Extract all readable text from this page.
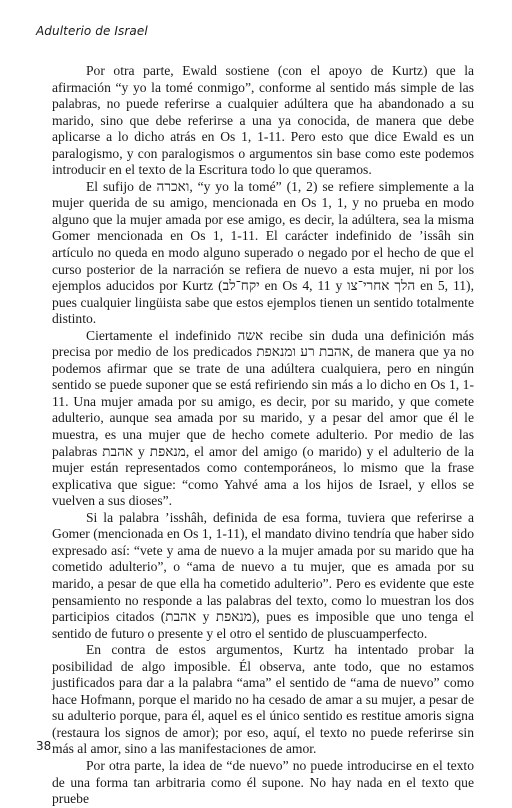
Adulterio de Israel

Por otra parte, Ewald sostiene (con el apoyo de Kurtz) que la afirmación “y yo la tomé conmigo”, conforme al sentido más simple de las palabras, no puede referirse a cualquier adúltera que ha abandonado a su marido, sino que debe referirse a una ya conocida, de manera que debe aplicarse a lo dicho atrás en Os 1, 1-11. Pero esto que dice Ewald es un paralogismo, y con paralogismos o argumentos sin base como este podemos introducir en el texto de la Escritura todo lo que queramos.

El sufijo de ‏ואכרה‎, “y yo la tomé” (1, 2) se refiere simplemente a la mujer querida de su amigo, mencionada en Os 1, 1, y no prueba en modo alguno que la mujer amada por ese amigo, es decir, la adúltera, sea la misma Gomer mencionada en Os 1, 1-11. El carácter indefinido de ’issâh sin artículo no queda en modo alguno superado o negado por el hecho de que el curso posterior de la narración se refiera de nuevo a esta mujer, ni por los ejemplos aducidos por Kurtz (‏יקח־לב‎ en Os 4, 11 y ‏הלך אחרי־צו‎ en 5, 11), pues cualquier lingüista sabe que estos ejemplos tienen un sentido totalmente distinto.

Ciertamente el indefinido ‏אשה‎ recibe sin duda una definición más precisa por medio de los predicados ‏אהבת רע ומנאפת‎, de manera que ya no podemos afirmar que se trate de una adúltera cualquiera, pero en ningún sentido se puede suponer que se está refiriendo sin más a lo dicho en Os 1, 1-11. Una mujer amada por su amigo, es decir, por su marido, y que comete adulterio, aunque sea amada por su marido, y a pesar del amor que él le muestra, es una mujer que de hecho comete adulterio. Por medio de las palabras ‏אהבת‎ y ‏מנאפת‎, el amor del amigo (o marido) y el adulterio de la mujer están representados como contemporáneos, lo mismo que la frase explicativa que sigue: “como Yahvé ama a los hijos de Israel, y ellos se vuelven a sus dioses”.

Si la palabra ’isshâh, definida de esa forma, tuviera que referirse a Gomer (mencionada en Os 1, 1-11), el mandato divino tendría que haber sido expresado así: “vete y ama de nuevo a la mujer amada por su marido que ha cometido adulterio”, o “ama de nuevo a tu mujer, que es amada por su marido, a pesar de que ella ha cometido adulterio”. Pero es evidente que este pensamiento no responde a las palabras del texto, como lo muestran los dos participios citados (‏אהבת‎ y ‏מנאפת‎), pues es imposible que uno tenga el sentido de futuro o presente y el otro el sentido de pluscuamperfecto.

En contra de estos argumentos, Kurtz ha intentado probar la posibilidad de algo imposible. Él observa, ante todo, que no estamos justificados para dar a la palabra “ama” el sentido de “ama de nuevo” como hace Hofmann, porque el marido no ha cesado de amar a su mujer, a pesar de su adulterio porque, para él, aquel es el único sentido es restitue amoris signa (restaura los signos de amor); por eso, aquí, el texto no puede referirse sin más al amor, sino a las manifestaciones de amor.

Por otra parte, la idea de “de nuevo” no puede introducirse en el texto de una forma tan arbitraria como él supone. No hay nada en el texto que pruebe

38
